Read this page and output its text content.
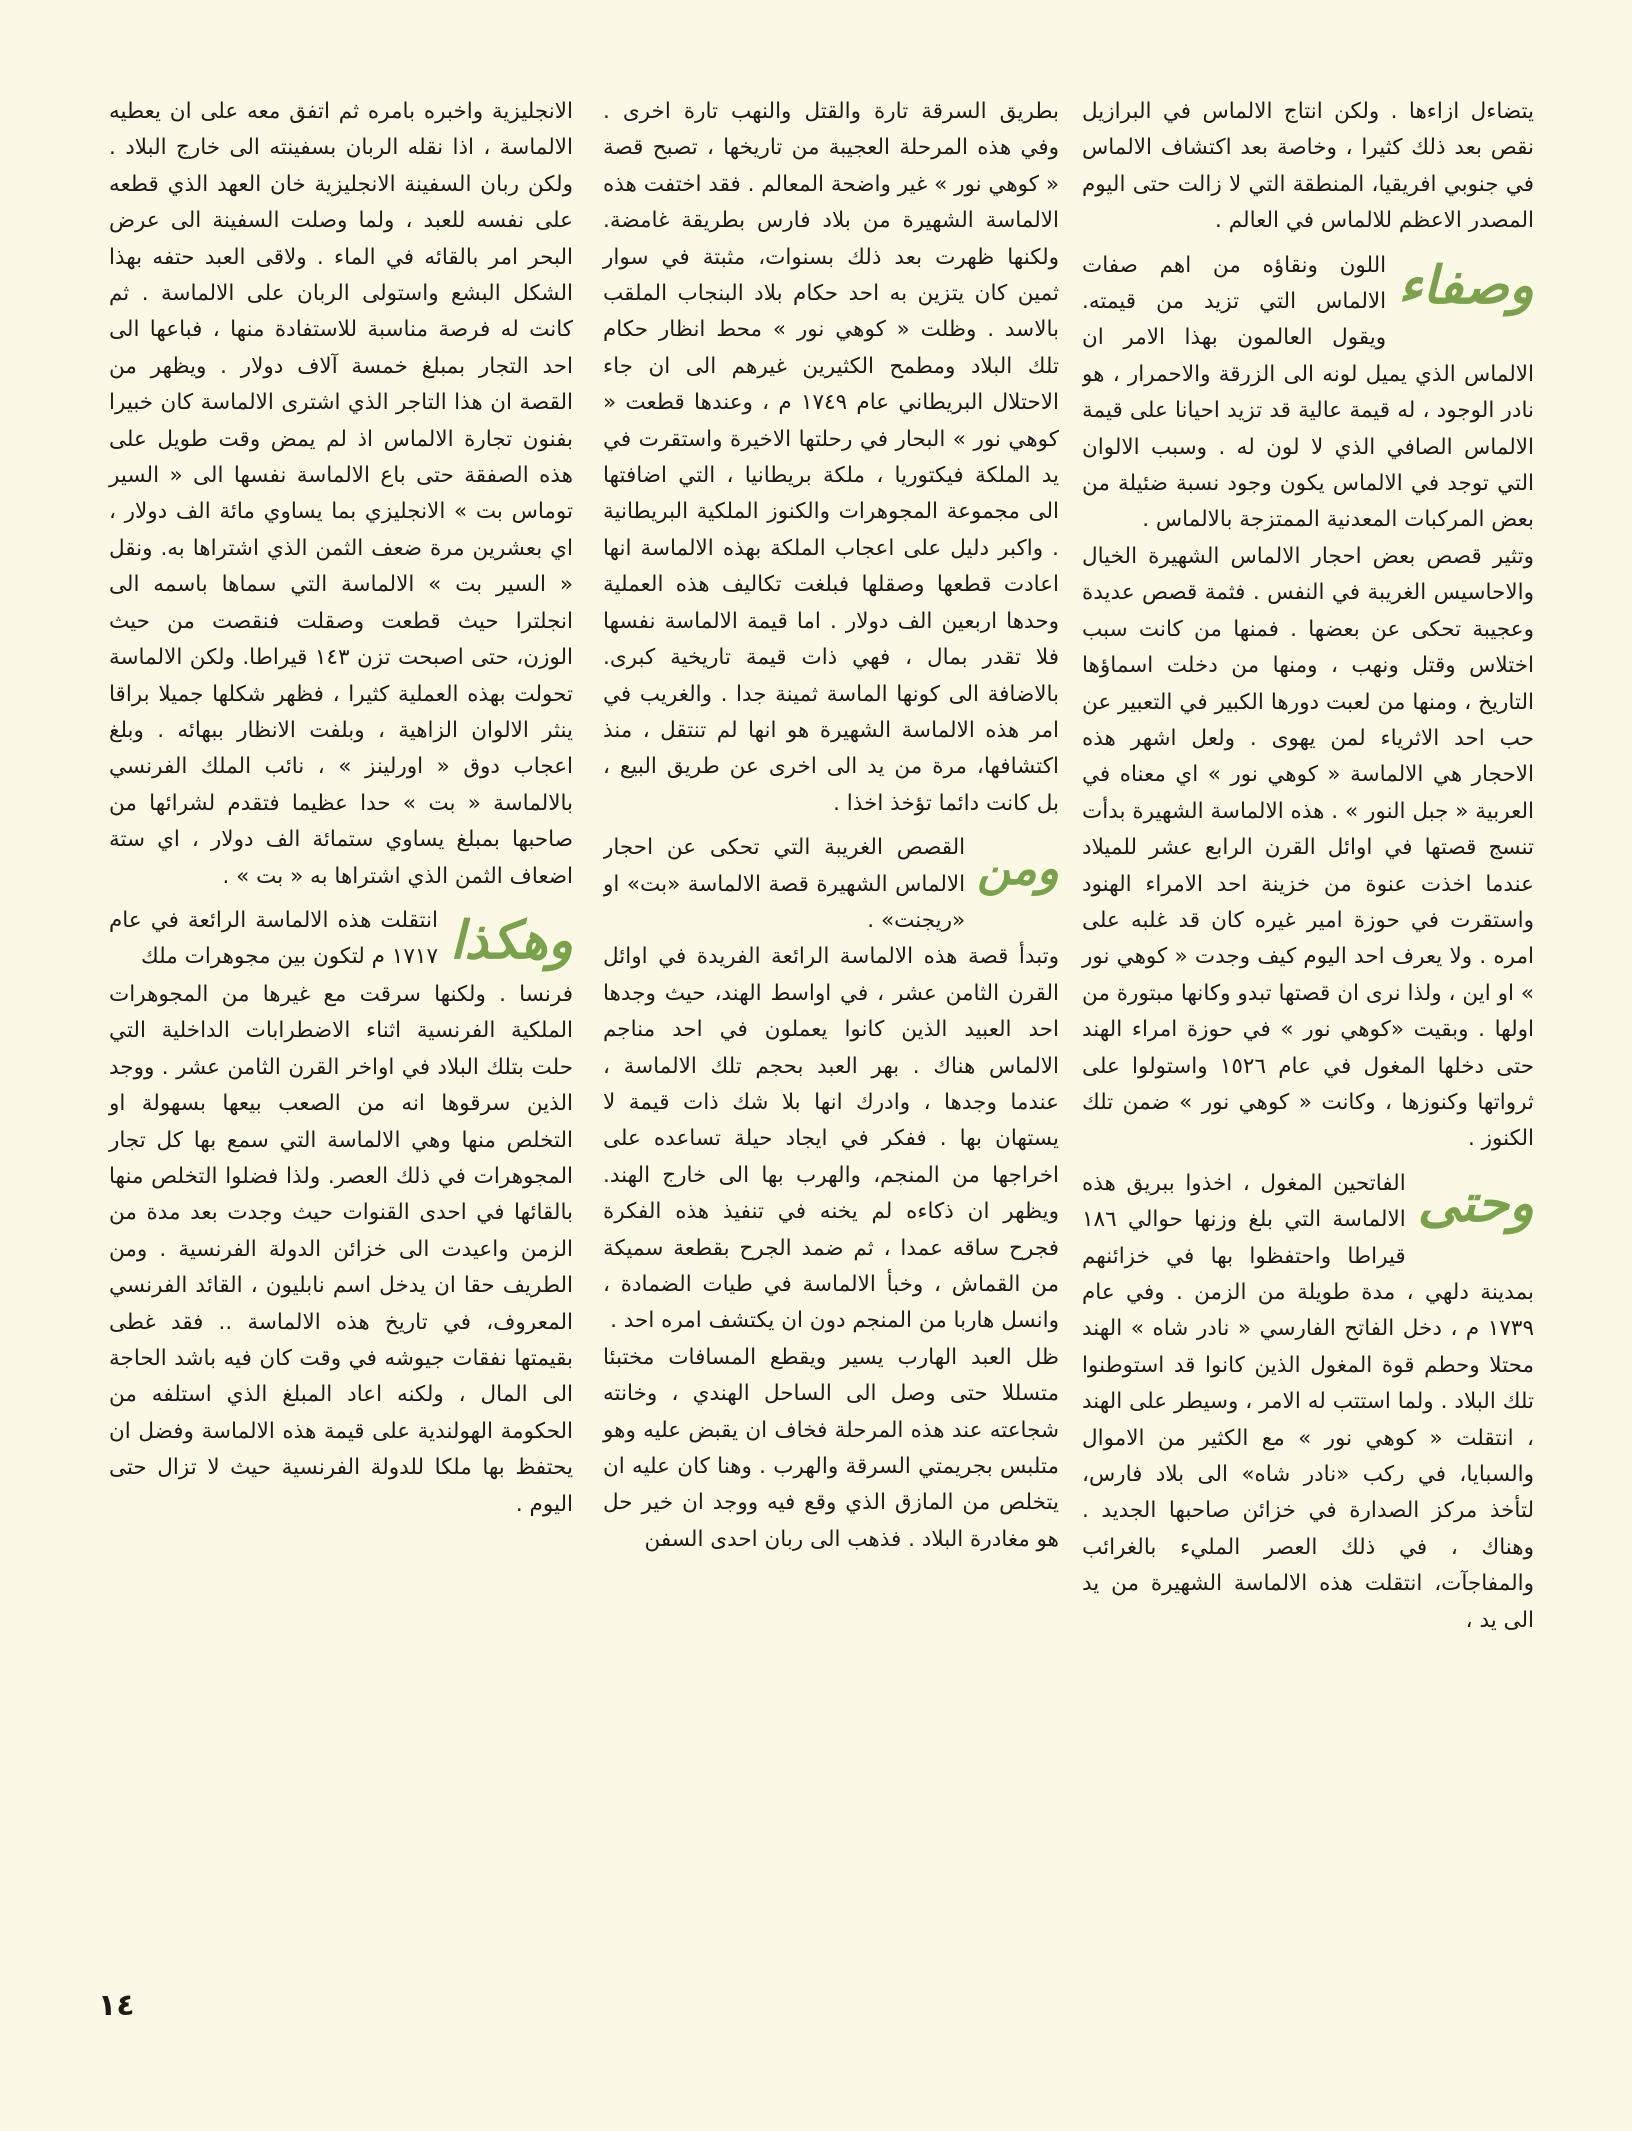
يتضاءل ازاءها . ولكن انتاج الالماس في البرازيل نقص بعد ذلك كثيرا ، وخاصة بعد اكتشاف الالماس في جنوبي افريقيا، المنطقة التي لا زالت حتى اليوم المصدر الاعظم للالماس في العالم .

وصفاء
اللون ونقاؤه من اهم صفات الالماس التي تزيد من قيمته. ويقول العالمون بهذا الامر ان الالماس الذي يميل لونه الى الزرقة والاحمرار ، هو نادر الوجود ، له قيمة عالية قد تزيد احيانا على قيمة الالماس الصافي الذي لا لون له . وسبب الالوان التي توجد في الالماس يكون وجود نسبة ضئيلة من بعض المركبات المعدنية الممتزجة بالالماس .

وتثير قصص بعض احجار الالماس الشهيرة الخيال والاحاسيس الغريبة في النفس . فثمة قصص عديدة وعجيبة تحكى عن بعضها . فمنها من كانت سبب اختلاس وقتل ونهب ، ومنها من دخلت اسماؤها التاريخ ، ومنها من لعبت دورها الكبير في التعبير عن حب احد الاثرياء لمن يهوى . ولعل اشهر هذه الاحجار هي الالماسة « كوهي نور » اي معناه في العربية « جبل النور » . هذه الالماسة الشهيرة بدأت تنسج قصتها في اوائل القرن الرابع عشر للميلاد عندما اخذت عنوة من خزينة احد الامراء الهنود واستقرت في حوزة امير غيره كان قد غلبه على امره . ولا يعرف احد اليوم كيف وجدت « كوهي نور » او اين ، ولذا نرى ان قصتها تبدو وكانها مبتورة من اولها . وبقيت «كوهي نور » في حوزة امراء الهند حتى دخلها المغول في عام ١٥٢٦ واستولوا على ثرواتها وكنوزها ، وكانت « كوهي نور » ضمن تلك الكنوز .

وحتى
الفاتحين المغول ، اخذوا ببريق هذه الالماسة التي بلغ وزنها حوالي ١٨٦ قيراطا واحتفظوا بها في خزائنهم بمدينة دلهي ، مدة طويلة من الزمن . وفي عام ١٧٣٩ م ، دخل الفاتح الفارسي « نادر شاه » الهند محتلا وحطم قوة المغول الذين كانوا قد استوطنوا تلك البلاد . ولما استتب له الامر ، وسيطر على الهند ، انتقلت « كوهي نور » مع الكثير من الاموال والسبايا، في ركب «نادر شاه» الى بلاد فارس، لتأخذ مركز الصدارة في خزائن صاحبها الجديد . وهناك ، في ذلك العصر المليء بالغرائب والمفاجآت، انتقلت هذه الالماسة الشهيرة من يد الى يد ،

بطريق السرقة تارة والقتل والنهب تارة اخرى . وفي هذه المرحلة العجيبة من تاريخها ، تصبح قصة « كوهي نور » غير واضحة المعالم . فقد اختفت هذه الالماسة الشهيرة من بلاد فارس بطريقة غامضة. ولكنها ظهرت بعد ذلك بسنوات، مثبتة في سوار ثمين كان يتزين به احد حكام بلاد البنجاب الملقب بالاسد . وظلت « كوهي نور » محط انظار حكام تلك البلاد ومطمح الكثيرين غيرهم الى ان جاء الاحتلال البريطاني عام ١٧٤٩ م ، وعندها قطعت « كوهي نور » البحار في رحلتها الاخيرة واستقرت في يد الملكة فيكتوريا ، ملكة بريطانيا ، التي اضافتها الى مجموعة المجوهرات والكنوز الملكية البريطانية . واكبر دليل على اعجاب الملكة بهذه الالماسة انها اعادت قطعها وصقلها فبلغت تكاليف هذه العملية وحدها اربعين الف دولار . اما قيمة الالماسة نفسها فلا تقدر بمال ، فهي ذات قيمة تاريخية كبرى. بالاضافة الى كونها الماسة ثمينة جدا . والغريب في امر هذه الالماسة الشهيرة هو انها لم تنتقل ، منذ اكتشافها، مرة من يد الى اخرى عن طريق البيع ، بل كانت دائما تؤخذ اخذا .

ومن
القصص الغريبة التي تحكى عن احجار الالماس الشهيرة قصة الالماسة «بت» او «ريجنت» .

وتبدأ قصة هذه الالماسة الرائعة الفريدة في اوائل القرن الثامن عشر ، في اواسط الهند، حيث وجدها احد العبيد الذين كانوا يعملون في احد مناجم الالماس هناك . بهر العبد بحجم تلك الالماسة ، عندما وجدها ، وادرك انها بلا شك ذات قيمة لا يستهان بها . ففكر في ايجاد حيلة تساعده على اخراجها من المنجم، والهرب بها الى خارج الهند. ويظهر ان ذكاءه لم يخنه في تنفيذ هذه الفكرة فجرح ساقه عمدا ، ثم ضمد الجرح بقطعة سميكة من القماش ، وخبأ الالماسة في طيات الضمادة ، وانسل هاربا من المنجم دون ان يكتشف امره احد .

ظل العبد الهارب يسير ويقطع المسافات مختبئا متسللا حتى وصل الى الساحل الهندي ، وخانته شجاعته عند هذه المرحلة فخاف ان يقبض عليه وهو متلبس بجريمتي السرقة والهرب . وهنا كان عليه ان يتخلص من المازق الذي وقع فيه ووجد ان خير حل هو مغادرة البلاد . فذهب الى ربان احدى السفن

الانجليزية واخبره بامره ثم اتفق معه على ان يعطيه الالماسة ، اذا نقله الربان بسفينته الى خارج البلاد . ولكن ربان السفينة الانجليزية خان العهد الذي قطعه على نفسه للعبد ، ولما وصلت السفينة الى عرض البحر امر بالقائه في الماء . ولاقى العبد حتفه بهذا الشكل البشع واستولى الربان على الالماسة . ثم كانت له فرصة مناسبة للاستفادة منها ، فباعها الى احد التجار بمبلغ خمسة آلاف دولار . ويظهر من القصة ان هذا التاجر الذي اشترى الالماسة كان خبيرا بفنون تجارة الالماس اذ لم يمض وقت طويل على هذه الصفقة حتى باع الالماسة نفسها الى « السير توماس بت » الانجليزي بما يساوي مائة الف دولار ، اي بعشرين مرة ضعف الثمن الذي اشتراها به. ونقل « السير بت » الالماسة التي سماها باسمه الى انجلترا حيث قطعت وصقلت فنقصت من حيث الوزن، حتى اصبحت تزن ١٤٣ قيراطا. ولكن الالماسة تحولت بهذه العملية كثيرا ، فظهر شكلها جميلا براقا ينثر الالوان الزاهية ، وبلفت الانظار ببهائه . وبلغ اعجاب دوق « اورلينز » ، نائب الملك الفرنسي بالالماسة « بت » حدا عظيما فتقدم لشرائها من صاحبها بمبلغ يساوي ستمائة الف دولار ، اي ستة اضعاف الثمن الذي اشتراها به « بت » .

وهكذا
انتقلت هذه الالماسة الرائعة في عام ١٧١٧ م لتكون بين مجوهرات ملك

فرنسا . ولكنها سرقت مع غيرها من المجوهرات الملكية الفرنسية اثناء الاضطرابات الداخلية التي حلت بتلك البلاد في اواخر القرن الثامن عشر . ووجد الذين سرقوها انه من الصعب بيعها بسهولة او التخلص منها وهي الالماسة التي سمع بها كل تجار المجوهرات في ذلك العصر. ولذا فضلوا التخلص منها بالقائها في احدى القنوات حيث وجدت بعد مدة من الزمن واعيدت الى خزائن الدولة الفرنسية . ومن الطريف حقا ان يدخل اسم نابليون ، القائد الفرنسي المعروف، في تاريخ هذه الالماسة .. فقد غطى بقيمتها نفقات جيوشه في وقت كان فيه باشد الحاجة الى المال ، ولكنه اعاد المبلغ الذي استلفه من الحكومة الهولندية على قيمة هذه الالماسة وفضل ان يحتفظ بها ملكا للدولة الفرنسية حيث لا تزال حتى اليوم .

١٤
